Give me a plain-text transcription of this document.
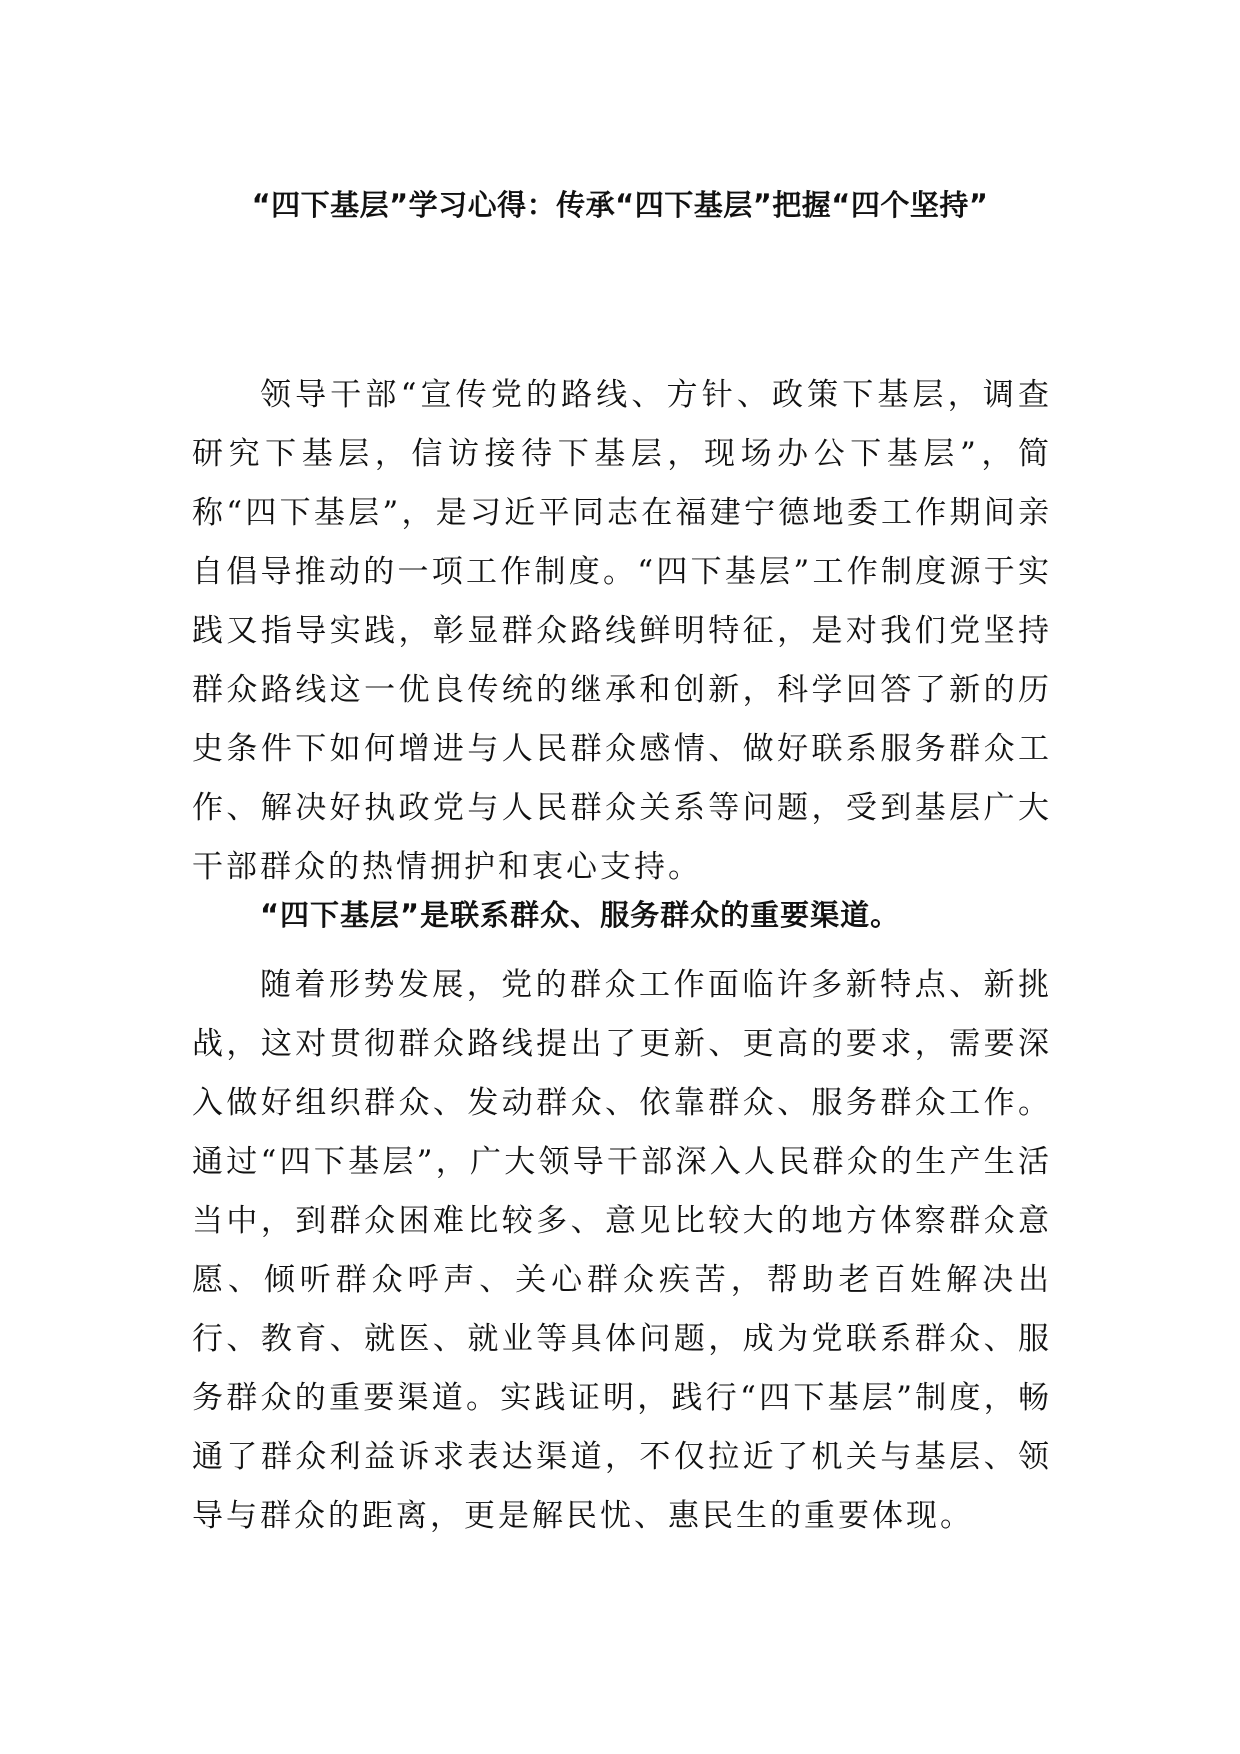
“四下基层”学习心得：传承“四下基层”把握“四个坚持”

领导干部“宣传党的路线、方针、政策下基层，调查研究下基层，信访接待下基层，现场办公下基层”，简称“四下基层”，是习近平同志在福建宁德地委工作期间亲自倡导推动的一项工作制度。“四下基层”工作制度源于实践又指导实践，彰显群众路线鲜明特征，是对我们党坚持群众路线这一优良传统的继承和创新，科学回答了新的历史条件下如何增进与人民群众感情、做好联系服务群众工作、解决好执政党与人民群众关系等问题，受到基层广大干部群众的热情拥护和衷心支持。

“四下基层”是联系群众、服务群众的重要渠道。

随着形势发展，党的群众工作面临许多新特点、新挑战，这对贯彻群众路线提出了更新、更高的要求，需要深入做好组织群众、发动群众、依靠群众、服务群众工作。通过“四下基层”，广大领导干部深入人民群众的生产生活当中，到群众困难比较多、意见比较大的地方体察群众意愿、倾听群众呼声、关心群众疾苦，帮助老百姓解决出行、教育、就医、就业等具体问题，成为党联系群众、服务群众的重要渠道。实践证明，践行“四下基层”制度，畅通了群众利益诉求表达渠道，不仅拉近了机关与基层、领导与群众的距离，更是解民忧、惠民生的重要体现。
